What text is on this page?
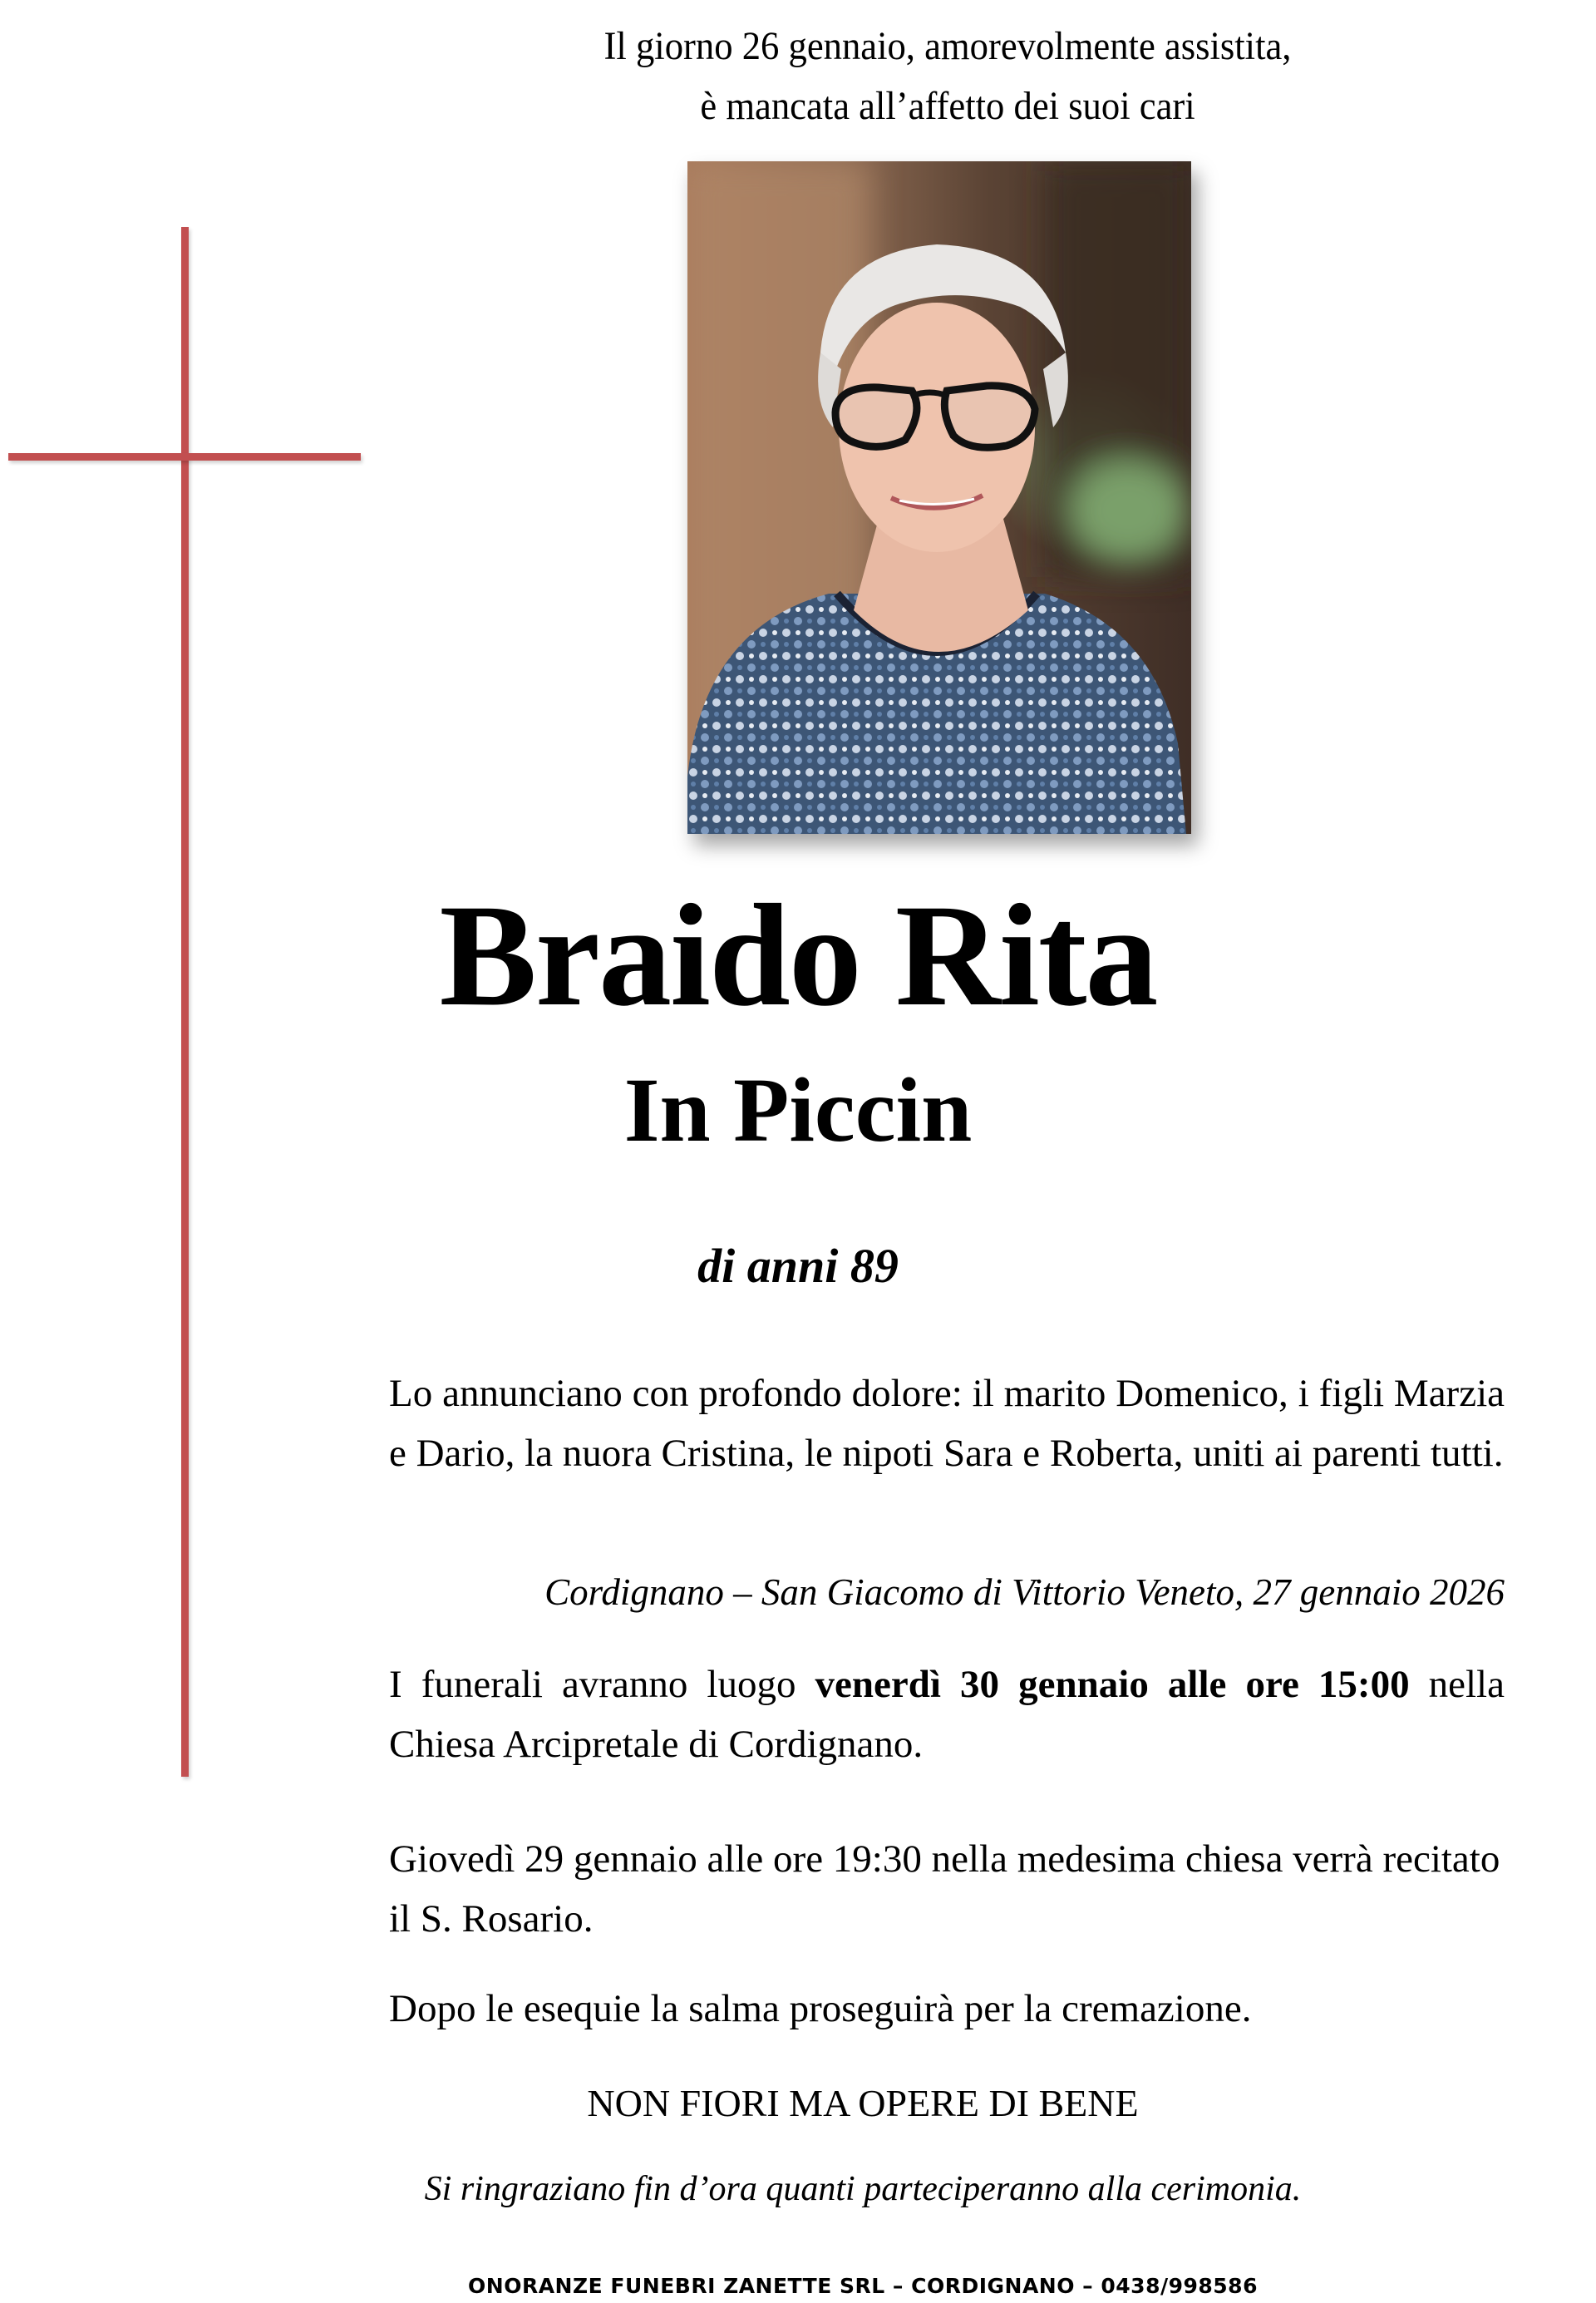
Il giorno 26 gennaio, amorevolmente assistita,
è mancata all’affetto dei suoi cari
Braido Rita
In Piccin
di anni 89
Lo annunciano con profondo dolore: il marito Domenico, i figli Marzia e Dario, la nuora Cristina, le nipoti Sara e Roberta, uniti ai parenti tutti.
Cordignano – San Giacomo di Vittorio Veneto, 27 gennaio 2026
I funerali avranno luogo venerdì 30 gennaio alle ore 15:00 nella Chiesa Arcipretale di Cordignano.
Giovedì 29 gennaio alle ore 19:30 nella medesima chiesa verrà recitato il S. Rosario.
Dopo le esequie la salma proseguirà per la cremazione.
NON FIORI MA OPERE DI BENE
Si ringraziano fin d’ora quanti parteciperanno alla cerimonia.
ONORANZE FUNEBRI ZANETTE SRL – CORDIGNANO – 0438/998586
